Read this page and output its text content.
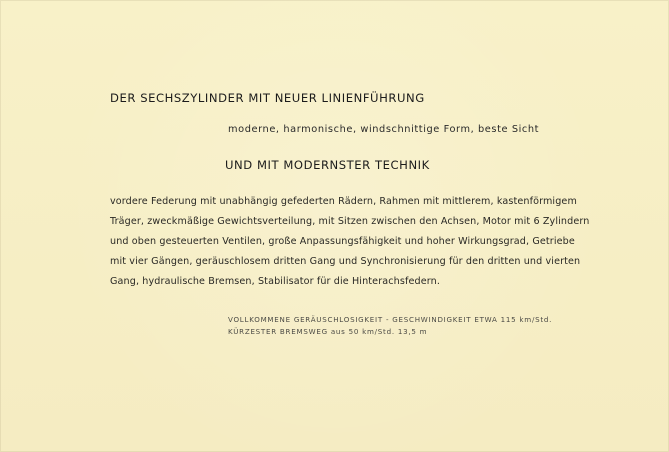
DER SECHSZYLINDER MIT NEUER LINIENFÜHRUNG
moderne, harmonische, windschnittige Form, beste Sicht
UND MIT MODERNSTER TECHNIK
vordere Federung mit unabhängig gefederten Rädern, Rahmen mit mittlerem, kastenförmigem
Träger, zweckmäßige Gewichtsverteilung, mit Sitzen zwischen den Achsen, Motor mit 6 Zylindern
und oben gesteuerten Ventilen, große Anpassungsfähigkeit und hoher Wirkungsgrad, Getriebe
mit vier Gängen, geräuschlosem dritten Gang und Synchronisierung für den dritten und vierten
Gang, hydraulische Bremsen, Stabilisator für die Hinterachsfedern.
VOLLKOMMENE GERÄUSCHLOSIGKEIT - GESCHWINDIGKEIT ETWA 115 km/Std.
KÜRZESTER BREMSWEG aus 50 km/Std. 13,5 m
